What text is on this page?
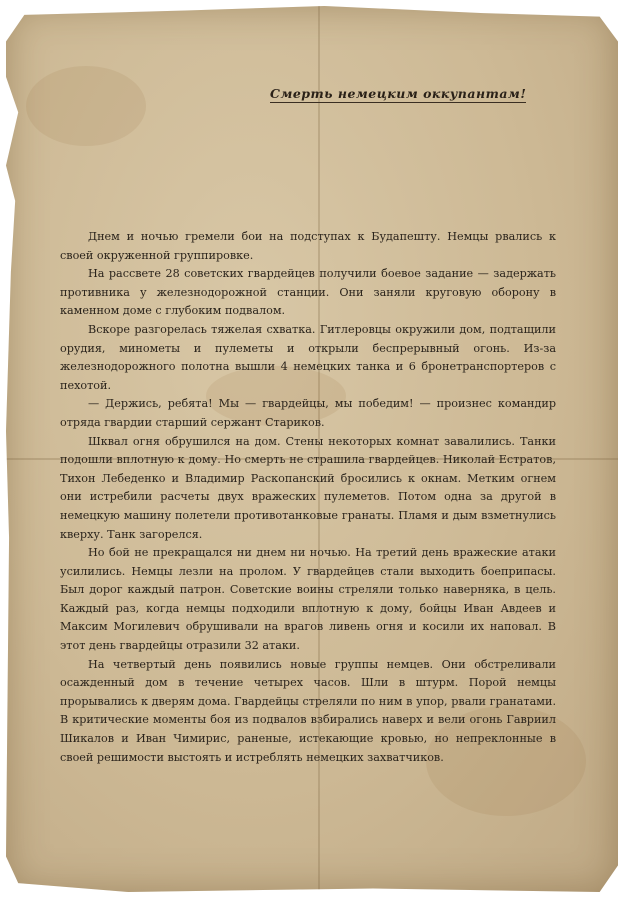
Смерть немецким оккупантам!

Днем и ночью гремели бои на подступах к Будапешту. Немцы рвались к своей окруженной группировке.

На рассвете 28 советских гвардейцев получили боевое задание — задержать противника у железнодорожной станции. Они заняли круговую оборону в каменном доме с глубоким подвалом.

Вскоре разгорелась тяжелая схватка. Гитлеровцы окружили дом, подтащили орудия, минометы и пулеметы и открыли беспрерывный огонь. Из-за железнодорожного полотна вышли 4 немецких танка и 6 бронетранспортеров с пехотой.

— Держись, ребята! Мы — гвардейцы, мы победим! — произнес командир отряда гвардии старший сержант Стариков.

Шквал огня обрушился на дом. Стены некоторых комнат завалились. Танки подошли вплотную к дому. Но смерть не страшила гвардейцев. Николай Естратов, Тихон Лебеденко и Владимир Раскопанский бросились к окнам. Метким огнем они истребили расчеты двух вражеских пулеметов. Потом одна за другой в немецкую машину полетели противотанковые гранаты. Пламя и дым взметнулись кверху. Танк загорелся.

Но бой не прекращался ни днем ни ночью. На третий день вражеские атаки усилились. Немцы лезли на пролом. У гвардейцев стали выходить боеприпасы. Был дорог каждый патрон. Советские воины стреляли только наверняка, в цель. Каждый раз, когда немцы подходили вплотную к дому, бойцы Иван Авдеев и Максим Могилевич обрушивали на врагов ливень огня и косили их наповал. В этот день гвардейцы отразили 32 атаки.

На четвертый день появились новые группы немцев. Они обстреливали осажденный дом в течение четырех часов. Шли в штурм. Порой немцы прорывались к дверям дома. Гвардейцы стреляли по ним в упор, рвали гранатами. В критические моменты боя из подвалов взбирались наверх и вели огонь Гавриил Шикалов и Иван Чимирис, раненые, истекающие кровью, но непреклонные в своей решимости выстоять и истреблять немецких захватчиков.
